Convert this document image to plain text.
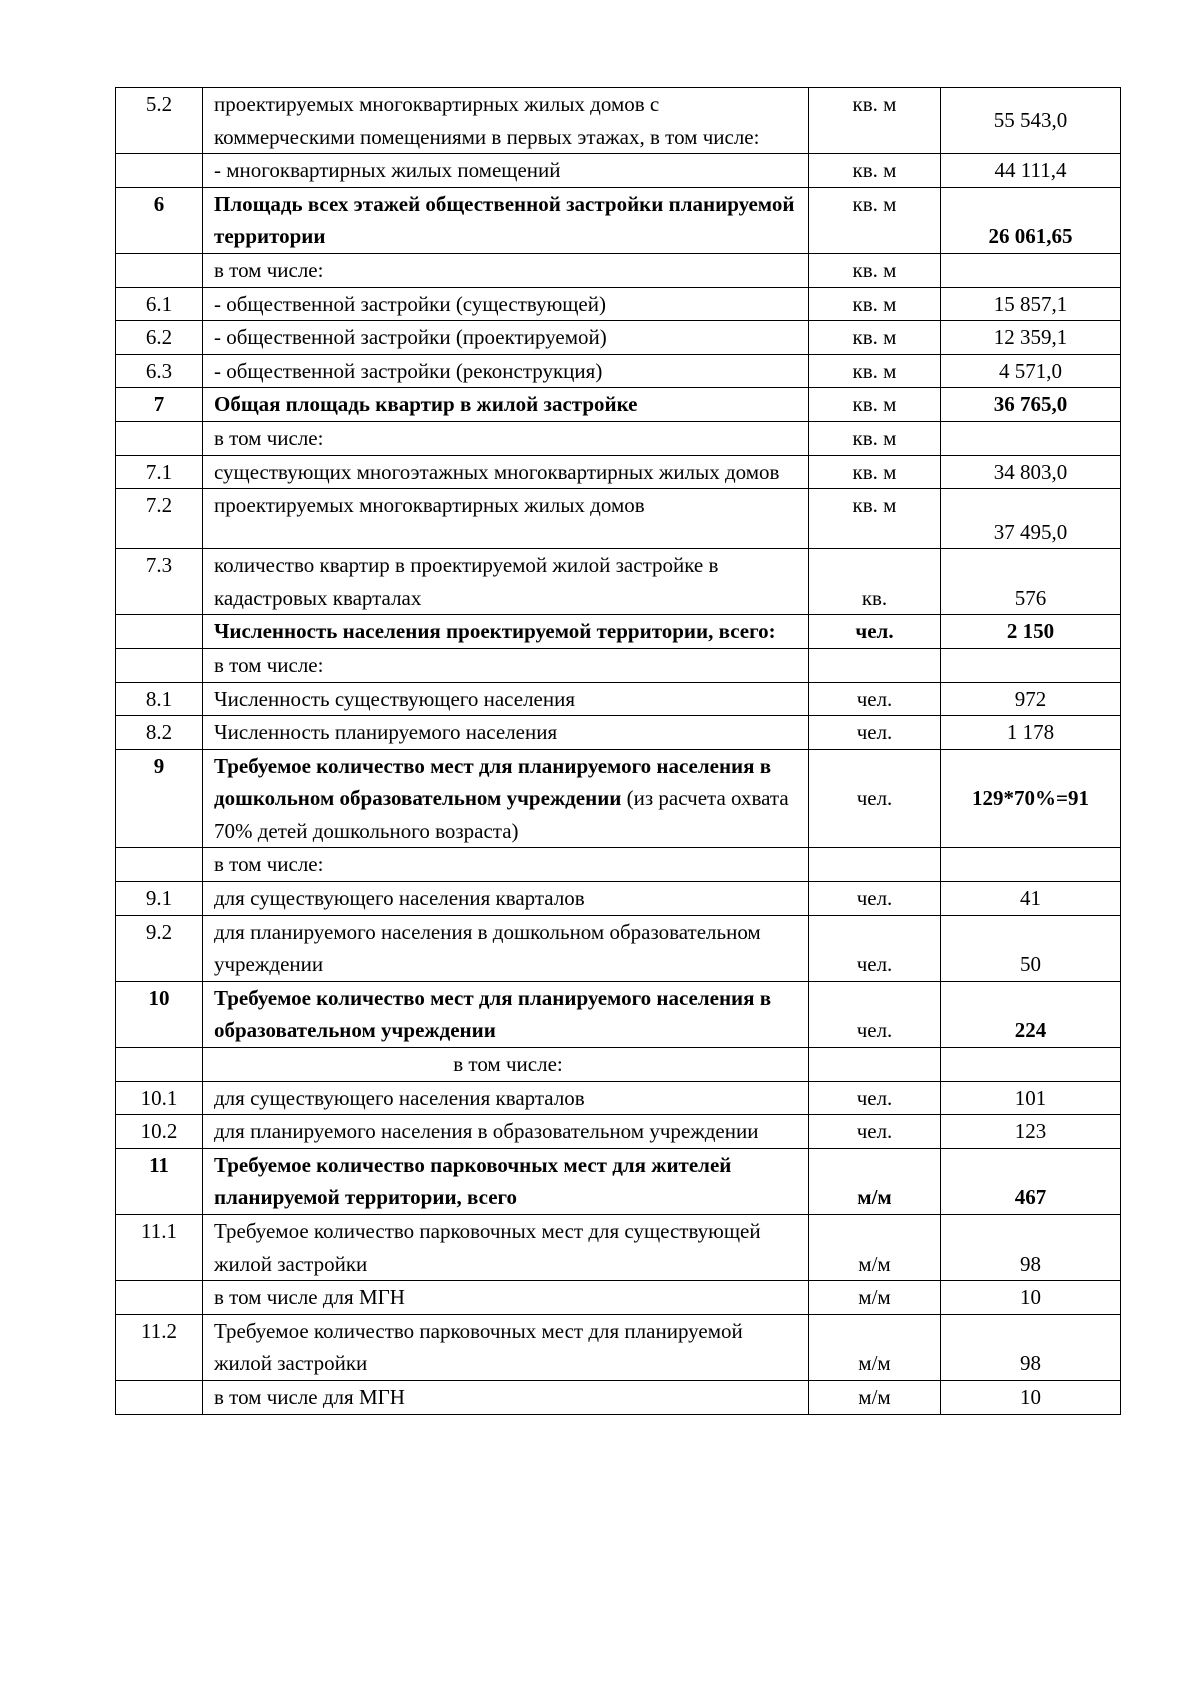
5.2	проектируемых многоквартирных жилых домов с коммерческими помещениями в первых этажах, в том числе:	кв. м	55 543,0
	- многоквартирных жилых помещений	кв. м	44 111,4
6	Площадь всех этажей общественной застройки планируемой территории	кв. м	26 061,65
	в том числе:	кв. м	
6.1	- общественной застройки (существующей)	кв. м	15 857,1
6.2	- общественной застройки (проектируемой)	кв. м	12 359,1
6.3	- общественной застройки (реконструкция)	кв. м	4 571,0
7	Общая площадь квартир в жилой застройке	кв. м	36 765,0
	в том числе:	кв. м	
7.1	существующих многоэтажных многоквартирных жилых домов	кв. м	34 803,0
7.2	проектируемых многоквартирных жилых домов	кв. м	37 495,0
7.3	количество квартир в проектируемой жилой застройке в кадастровых кварталах	кв.	576
	Численность населения проектируемой территории, всего:	чел.	2 150
	в том числе:		
8.1	Численность существующего населения	чел.	972
8.2	Численность планируемого населения	чел.	1 178
9	Требуемое количество мест для планируемого населения в дошкольном образовательном учреждении (из расчета охвата 70% детей дошкольного возраста)	чел.	129*70%=91
	в том числе:		
9.1	для существующего населения кварталов	чел.	41
9.2	для планируемого населения в дошкольном образовательном учреждении	чел.	50
10	Требуемое количество мест для планируемого населения в образовательном учреждении	чел.	224
	в том числе:		
10.1	для существующего населения кварталов	чел.	101
10.2	для планируемого населения в образовательном учреждении	чел.	123
11	Требуемое количество парковочных мест для жителей планируемой территории, всего	м/м	467
11.1	Требуемое количество парковочных мест для существующей жилой застройки	м/м	98
	в том числе для МГН	м/м	10
11.2	Требуемое количество парковочных мест для планируемой жилой застройки	м/м	98
	в том числе для МГН	м/м	10
